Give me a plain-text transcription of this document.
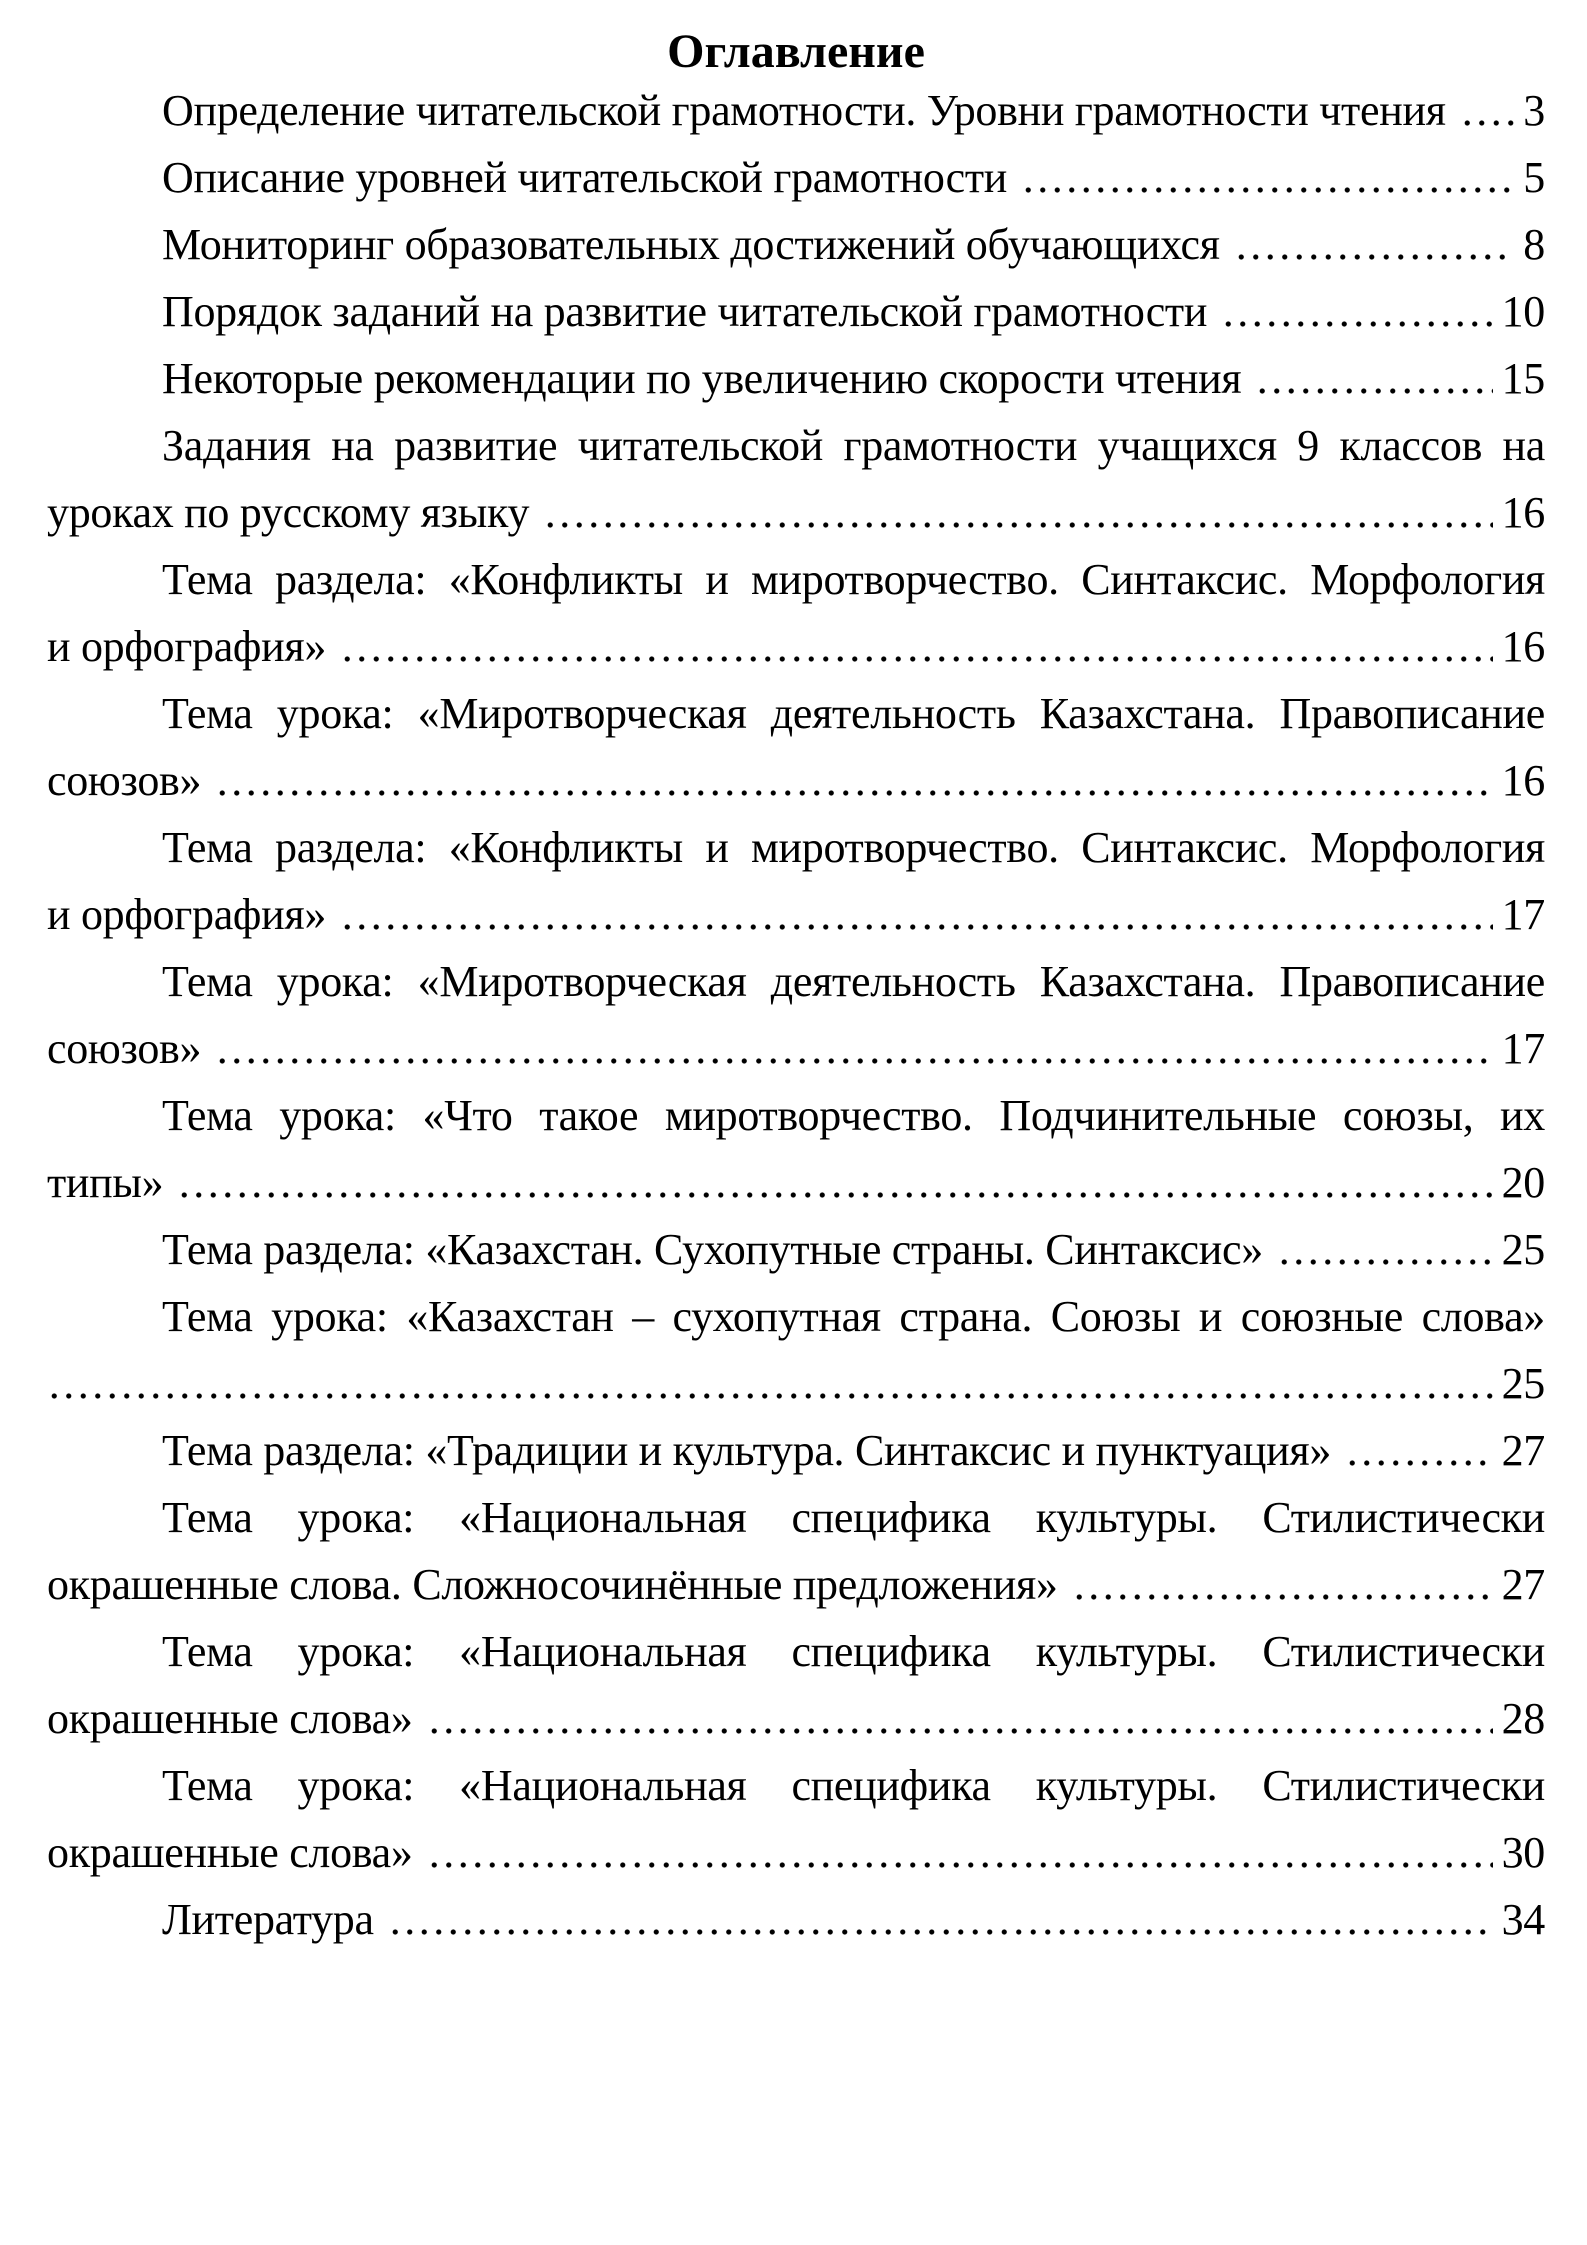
Оглавление
Определение читательской грамотности. Уровни грамотности чтения 3
Описание уровней читательской грамотности	5
Мониторинг образовательных достижений обучающихся	8
Порядок заданий на развитие читательской грамотности	10
Некоторые рекомендации по увеличению скорости чтения	15
Задания на развитие читательской грамотности учащихся 9 классов на
уроках по русскому языку	16
Тема раздела: «Конфликты и миротворчество. Синтаксис. Морфология
и орфография»	16
Тема урока: «Миротворческая деятельность Казахстана. Правописание
союзов»	16
Тема раздела: «Конфликты и миротворчество. Синтаксис. Морфология
и орфография»	17
Тема урока: «Миротворческая деятельность Казахстана. Правописание
союзов»	17
Тема урока: «Что такое миротворчество. Подчинительные союзы, их
типы»	20
Тема раздела: «Казахстан. Сухопутные страны. Синтаксис»	25
Тема урока: «Казахстан – сухопутная страна. Союзы и союзные слова»
25
Тема раздела: «Традиции и культура. Синтаксис и пунктуация»	27
Тема урока: «Национальная специфика культуры. Стилистически
окрашенные слова. Сложносочинённые предложения»	27
Тема урока: «Национальная специфика культуры. Стилистически
окрашенные слова»	28
Тема урока: «Национальная специфика культуры. Стилистически
окрашенные слова»	30
Литература	34
